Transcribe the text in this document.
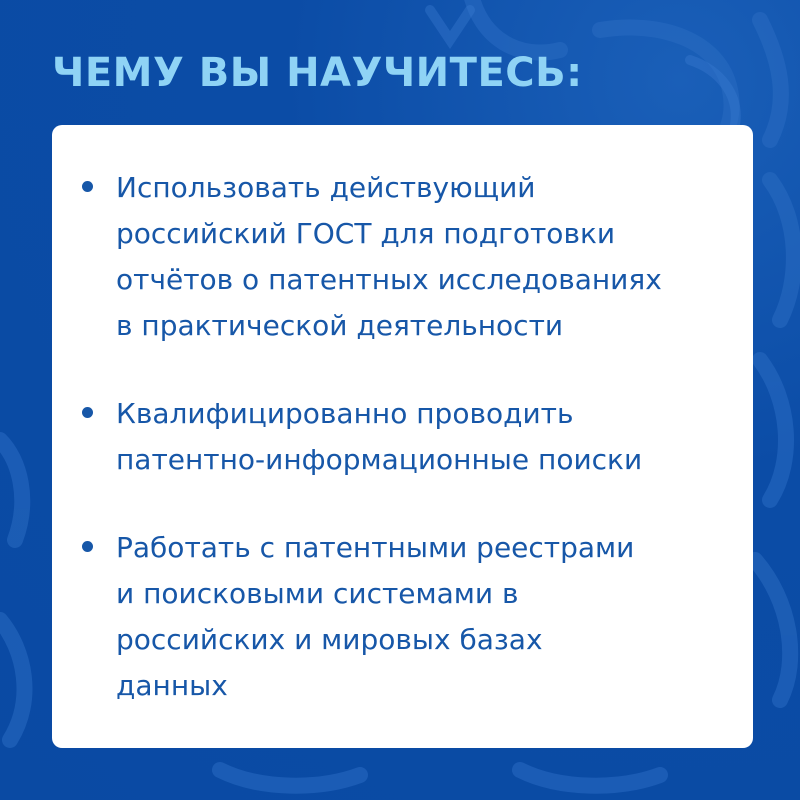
ЧЕМУ ВЫ НАУЧИТЕСЬ:
Использовать действующий
российский ГОСТ для подготовки
отчётов о патентных исследованиях
в практической деятельности
Квалифицированно проводить
патентно-информационные поиски
Работать с патентными реестрами
и поисковыми системами в
российских и мировых базах
данных
